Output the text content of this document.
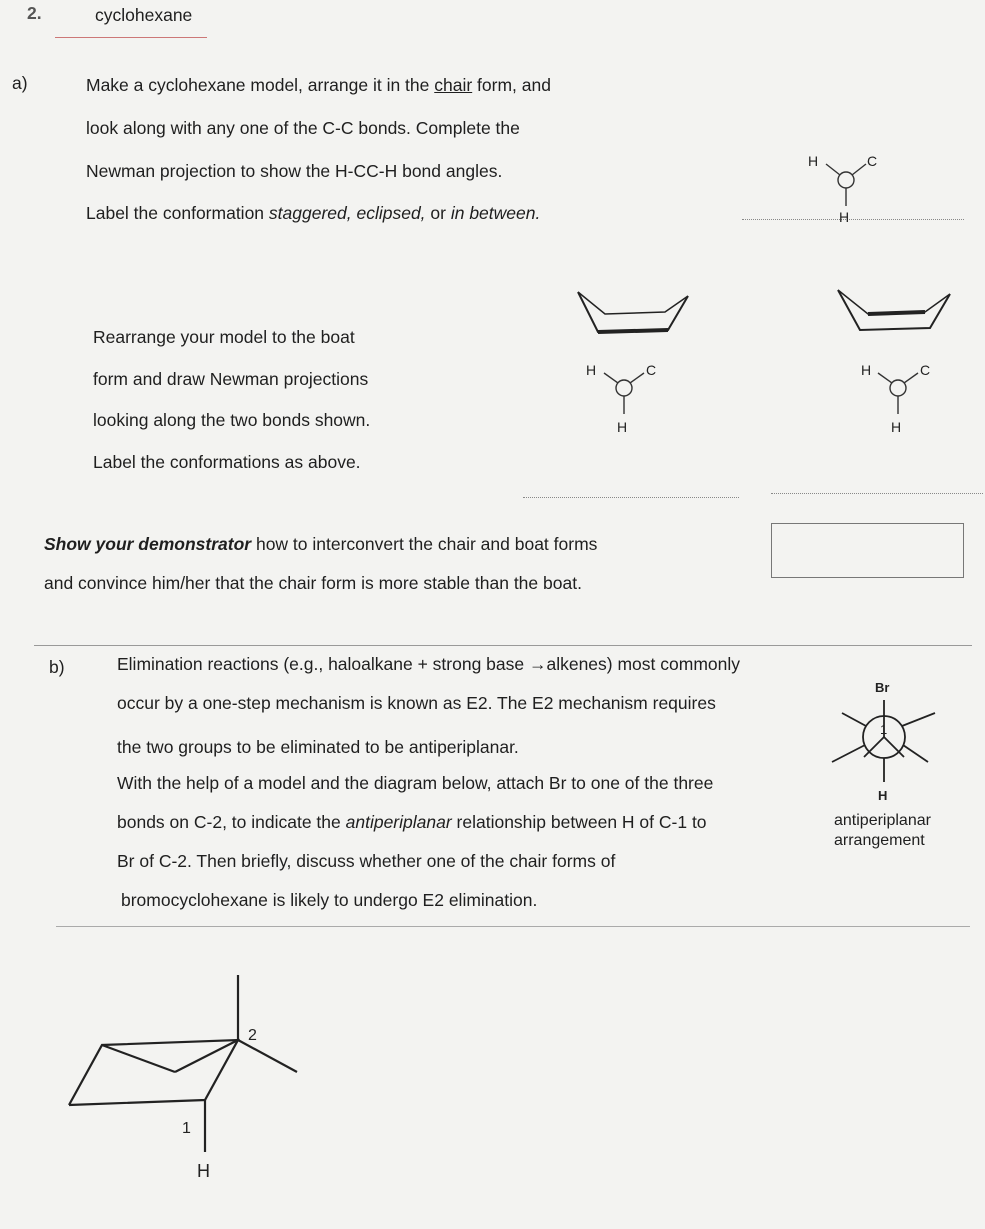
2.	cyclohexane
a)	Make a cyclohexane model, arrange it in the chair form, and
look along with any one of the C-C bonds. Complete the
Newman projection to show the H-CC-H bond angles.
Label the conformation staggered, eclipsed, or in between.
Rearrange your model to the boat
form and draw Newman projections
looking along the two bonds shown.
Label the conformations as above.
Show your demonstrator how to interconvert the chair and boat forms
and convince him/her that the chair form is more stable than the boat.
b)	Elimination reactions (e.g., haloalkane + strong base →alkenes) most commonly
occur by a one-step mechanism is known as E2. The E2 mechanism requires
the two groups to be eliminated to be antiperiplanar.
With the help of a model and the diagram below, attach Br to one of the three
bonds on C-2, to indicate the antiperiplanar relationship between H of C-1 to
Br of C-2. Then briefly, discuss whether one of the chair forms of
bromocyclohexane is likely to undergo E2 elimination.
antiperiplanar
arrangement
H	C
H
H	C
H
H	C
H
Br
1
H
2
1
H
